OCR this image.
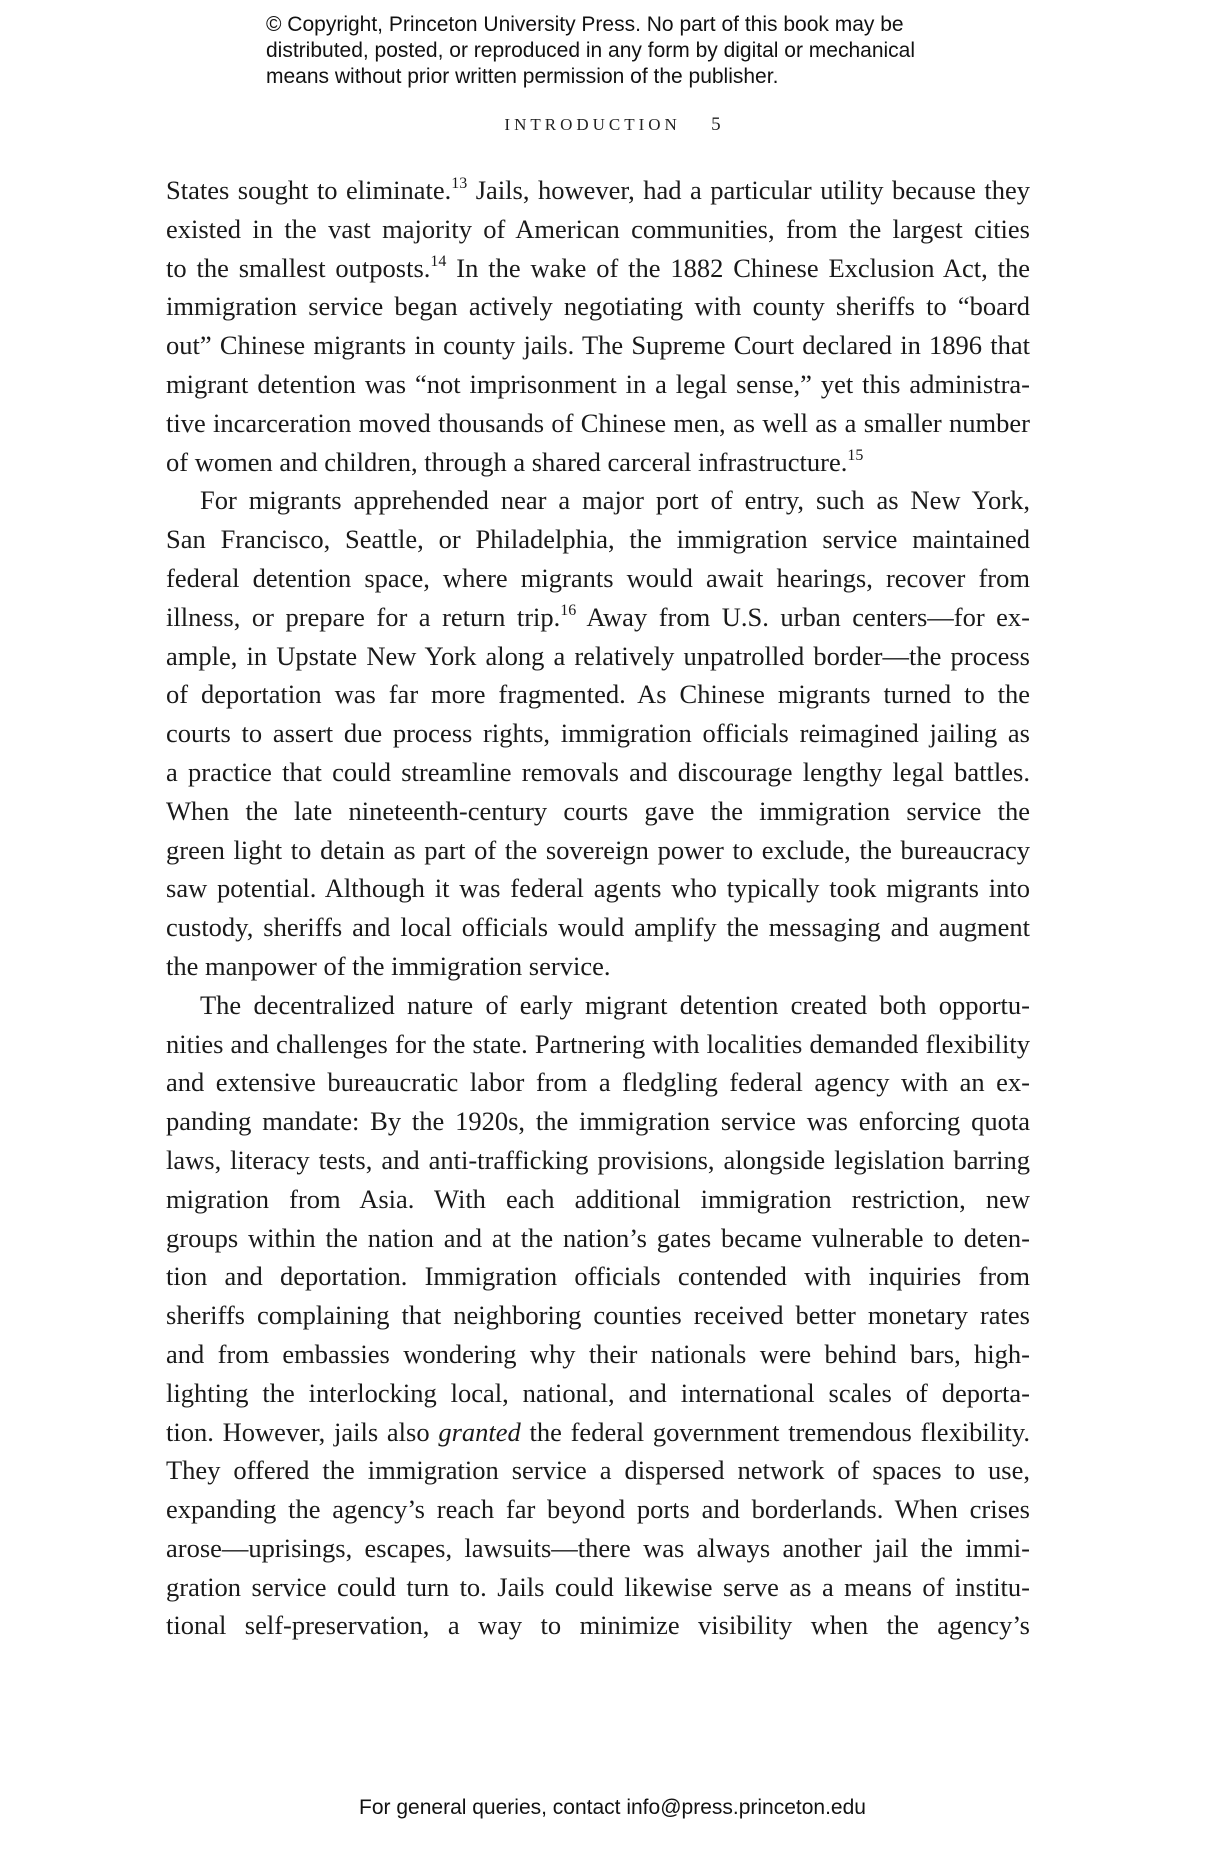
© Copyright, Princeton University Press. No part of this book may be
distributed, posted, or reproduced in any form by digital or mechanical
means without prior written permission of the publisher.
INTRODUCTION 5
States sought to eliminate.$^{13}$ Jails, however, had a particular utility because they
existed in the vast majority of American communities, from the largest cities
to the smallest outposts.$^{14}$ In the wake of the 1882 Chinese Exclusion Act, the
immigration service began actively negotiating with county sheriffs to “board
out” Chinese migrants in county jails. The Supreme Court declared in 1896 that
migrant detention was “not imprisonment in a legal sense,” yet this administra-
tive incarceration moved thousands of Chinese men, as well as a smaller number
of women and children, through a shared carceral infrastructure.$^{15}$
For migrants apprehended near a major port of entry, such as New York,
San Francisco, Seattle, or Philadelphia, the immigration service maintained
federal detention space, where migrants would await hearings, recover from
illness, or prepare for a return trip.$^{16}$ Away from U.S. urban centers—for ex-
ample, in Upstate New York along a relatively unpatrolled border—the process
of deportation was far more fragmented. As Chinese migrants turned to the
courts to assert due process rights, immigration officials reimagined jailing as
a practice that could streamline removals and discourage lengthy legal battles.
When the late nineteenth-century courts gave the immigration service the
green light to detain as part of the sovereign power to exclude, the bureaucracy
saw potential. Although it was federal agents who typically took migrants into
custody, sheriffs and local officials would amplify the messaging and augment
the manpower of the immigration service.
The decentralized nature of early migrant detention created both opportu-
nities and challenges for the state. Partnering with localities demanded flexibility
and extensive bureaucratic labor from a fledgling federal agency with an ex-
panding mandate: By the 1920s, the immigration service was enforcing quota
laws, literacy tests, and anti-trafficking provisions, alongside legislation barring
migration from Asia. With each additional immigration restriction, new
groups within the nation and at the nation’s gates became vulnerable to deten-
tion and deportation. Immigration officials contended with inquiries from
sheriffs complaining that neighboring counties received better monetary rates
and from embassies wondering why their nationals were behind bars, high-
lighting the interlocking local, national, and international scales of deporta-
tion. However, jails also granted the federal government tremendous flexibility.
They offered the immigration service a dispersed network of spaces to use,
expanding the agency’s reach far beyond ports and borderlands. When crises
arose—uprisings, escapes, lawsuits—there was always another jail the immi-
gration service could turn to. Jails could likewise serve as a means of institu-
tional self-preservation, a way to minimize visibility when the agency’s
For general queries, contact info@press.princeton.edu
